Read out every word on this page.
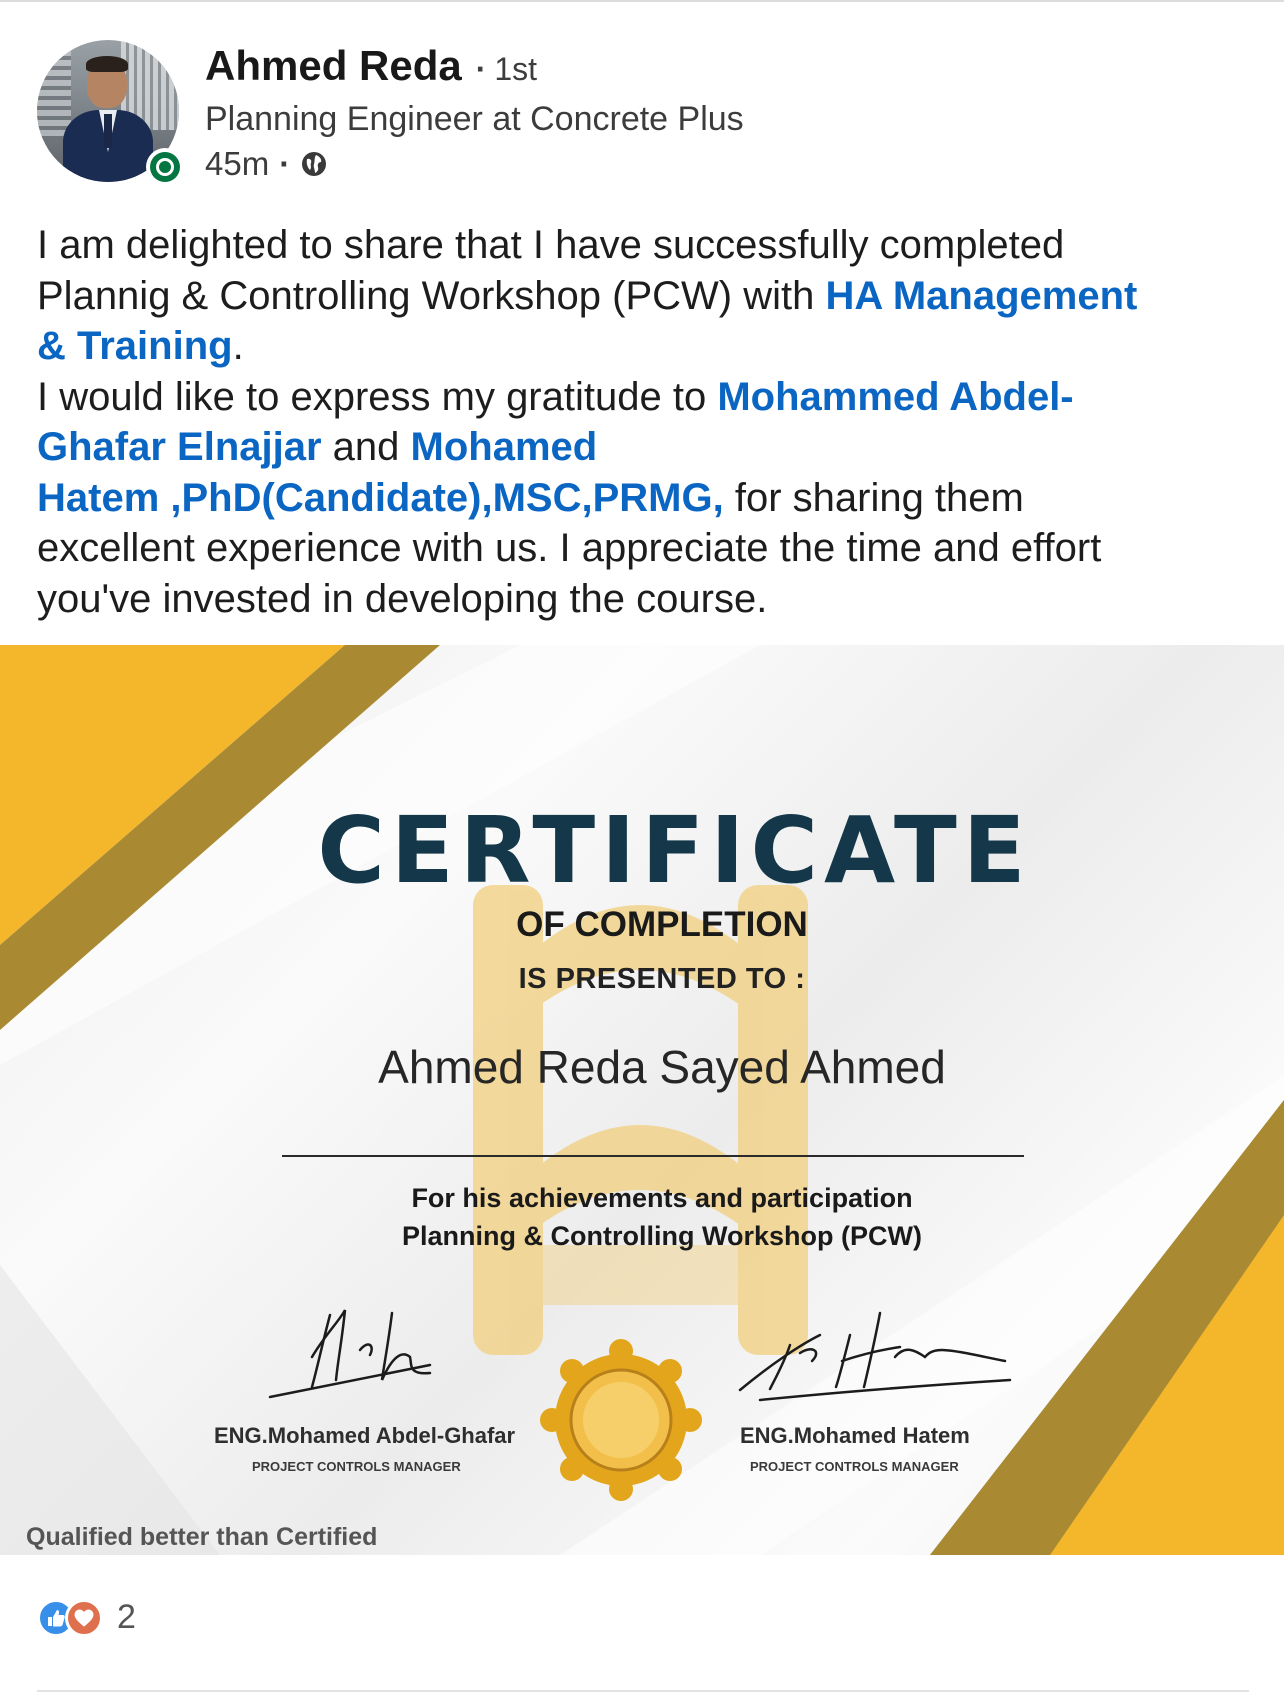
Ahmed Reda · 1st
Planning Engineer at Concrete Plus
45m ·

I am delighted to share that I have successfully completed

Plannig & Controlling Workshop (PCW) with HA Management

& Training.

I would like to express my gratitude to Mohammed Abdel-

Ghafar Elnajjar and Mohamed

Hatem ,PhD(Candidate),MSC,PRMG, for sharing them

excellent experience with us. I appreciate the time and effort

you've invested in developing the course.

CERTIFICATE
OF COMPLETION
IS PRESENTED TO :
Ahmed Reda Sayed Ahmed
For his achievements and participation
Planning & Controlling Workshop (PCW)
ENG.Mohamed Abdel-Ghafar
PROJECT CONTROLS MANAGER
ENG.Mohamed Hatem
PROJECT CONTROLS MANAGER
Qualified better than Certified
2
